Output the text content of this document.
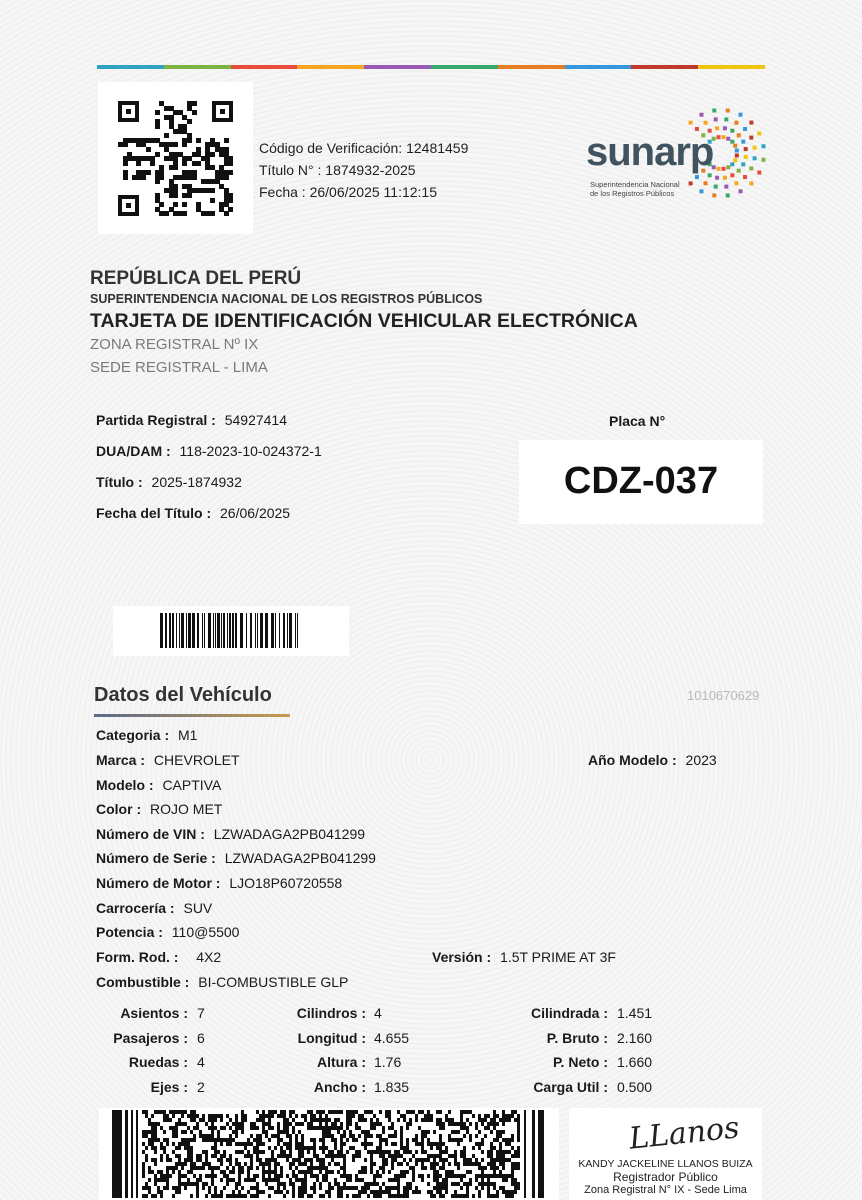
Código de Verificación: 12481459
Título N° : 1874932-2025
Fecha : 26/06/2025 11:12:15
sunarp
Superintendencia Nacional
de los Registros Públicos
REPÚBLICA DEL PERÚ
SUPERINTENDENCIA NACIONAL DE LOS REGISTROS PÚBLICOS
TARJETA DE IDENTIFICACIÓN VEHICULAR ELECTRÓNICA
ZONA REGISTRAL Nº IX
SEDE REGISTRAL - LIMA
Partida Registral : 54927414
DUA/DAM : 118-2023-10-024372-1
Título : 2025-1874932
Fecha del Título : 26/06/2025
Placa N°
CDZ-037
Datos del Vehículo	1010670629
Categoria : M1
Marca : CHEVROLET	Año Modelo : 2023
Modelo : CAPTIVA
Color : ROJO MET
Número de VIN : LZWADAGA2PB041299
Número de Serie : LZWADAGA2PB041299
Número de Motor : LJO18P60720558
Carrocería : SUV
Potencia : 110@5500
Form. Rod. : 4X2	Versión : 1.5T PRIME AT 3F
Combustible : BI-COMBUSTIBLE GLP
Asientos : 7
Pasajeros : 6
Ruedas : 4
Ejes : 2
Cilindros : 4
Longitud : 4.655
Altura : 1.76
Ancho : 1.835
Cilindrada : 1.451
P. Bruto : 2.160
P. Neto : 1.660
Carga Util : 0.500
LLanos
KANDY JACKELINE LLANOS BUIZA
Registrador Público
Zona Registral N° IX - Sede Lima
